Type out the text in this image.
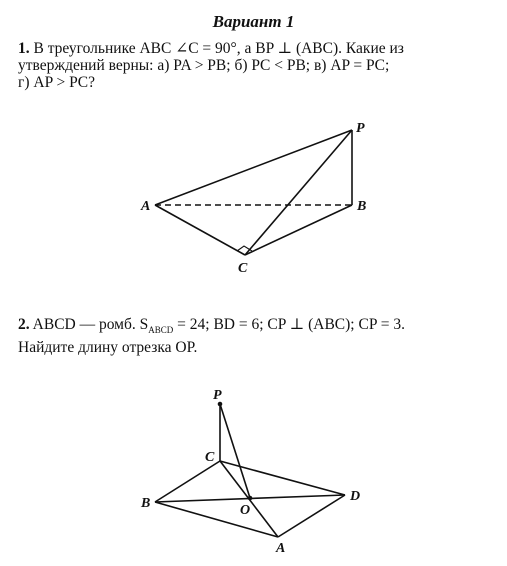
Вариант 1
1. В треугольнике ABC ∠C = 90°, а BP ⊥ (ABC). Какие из
утверждений верны: а) PA > PB; б) PC < PB; в) AP = PC;
г) AP > PC?
2. ABCD — ромб. $S_{ABCD} = 24$; BD = 6; CP ⊥ (ABC); CP = 3.
Найдите длину отрезка OP.
A	B
C
P
P
C
B	D
O
A
